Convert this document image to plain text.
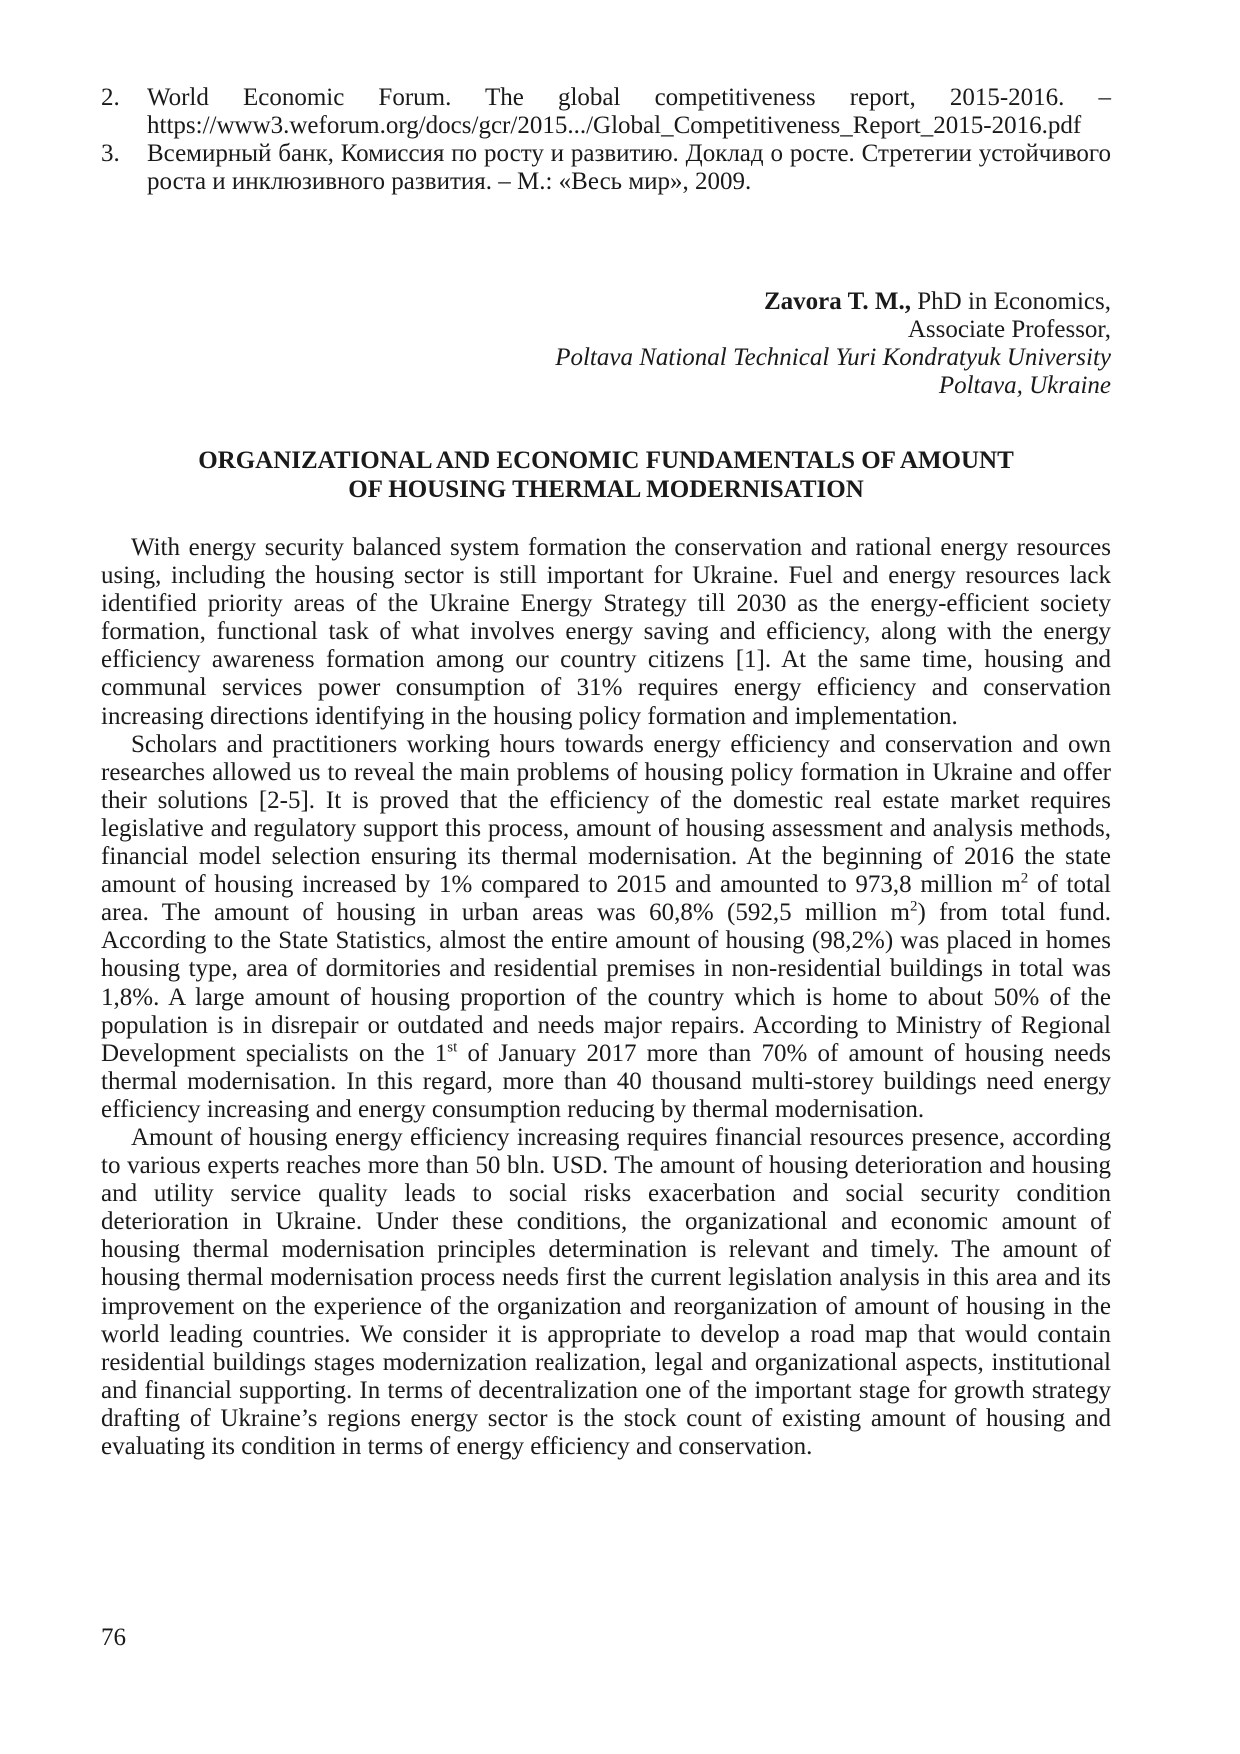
2. World Economic Forum. The global competitiveness report, 2015-2016. – https://www3.weforum.org/docs/gcr/2015.../Global_Competitiveness_Report_2015-2016.pdf
3. Всемирный банк, Комиссия по росту и развитию. Доклад о росте. Стретегии устойчивого роста и инклюзивного развития. – М.: «Весь мир», 2009.
Zavora T. M., PhD in Economics,
Associate Professor,
Poltava National Technical Yuri Kondratyuk University
Poltava, Ukraine
ORGANIZATIONAL AND ECONOMIC FUNDAMENTALS OF AMOUNT
OF HOUSING THERMAL MODERNISATION

With energy security balanced system formation the conservation and rational energy resources using, including the housing sector is still important for Ukraine. Fuel and energy resources lack identified priority areas of the Ukraine Energy Strategy till 2030 as the energy-efficient society formation, functional task of what involves energy saving and efficiency, along with the energy efficiency awareness formation among our country citizens [1]. At the same time, housing and communal services power consumption of 31% requires energy efficiency and conservation increasing directions identifying in the housing policy formation and implementation.

Scholars and practitioners working hours towards energy efficiency and conservation and own researches allowed us to reveal the main problems of housing policy formation in Ukraine and offer their solutions [2-5]. It is proved that the efficiency of the domestic real estate market requires legislative and regulatory support this process, amount of housing assessment and analysis methods, financial model selection ensuring its thermal modernisation. At the beginning of 2016 the state amount of housing increased by 1% compared to 2015 and amounted to 973,8 million $m^2$ of total area. The amount of housing in urban areas was 60,8% (592,5 million $m^2$) from total fund. According to the State Statistics, almost the entire amount of housing (98,2%) was placed in homes housing type, area of dormitories and residential premises in non-residential buildings in total was 1,8%. A large amount of housing proportion of the country which is home to about 50% of the population is in disrepair or outdated and needs major repairs. According to Ministry of Regional Development specialists on the 1st of January 2017 more than 70% of amount of housing needs thermal modernisation. In this regard, more than 40 thousand multi-storey buildings need energy efficiency increasing and energy consumption reducing by thermal modernisation.

Amount of housing energy efficiency increasing requires financial resources presence, according to various experts reaches more than 50 bln. USD. The amount of housing deterioration and housing and utility service quality leads to social risks exacerbation and social security condition deterioration in Ukraine. Under these conditions, the organizational and economic amount of housing thermal modernisation principles determination is relevant and timely. The amount of housing thermal modernisation process needs first the current legislation analysis in this area and its improvement on the experience of the organization and reorganization of amount of housing in the world leading countries. We consider it is appropriate to develop a road map that would contain residential buildings stages modernization realization, legal and organizational aspects, institutional and financial supporting. In terms of decentralization one of the important stage for growth strategy drafting of Ukraine’s regions energy sector is the stock count of existing amount of housing and evaluating its condition in terms of energy efficiency and conservation.

76
